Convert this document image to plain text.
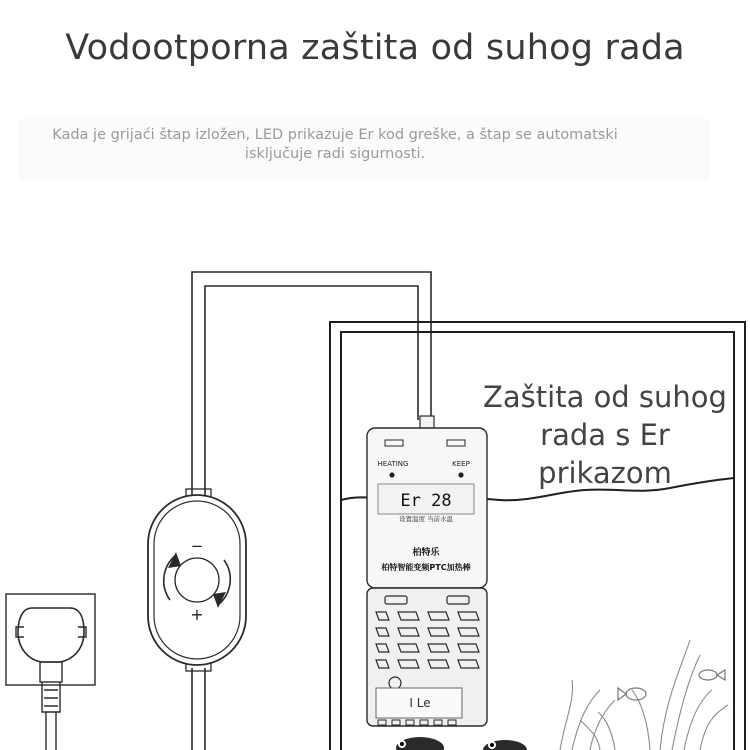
Vodootporna zaštita od suhog rada

Kada je grijaći štap izložen, LED prikazuje Er kod greške, a štap se automatski isključuje radi sigurnosti.

HEATING	KEEP
Er 28
设置温度 当前水温
柏特乐
柏特智能变频PTC加热棒
I Le
−
+

Zaštita od suhog rada s Er prikazom
